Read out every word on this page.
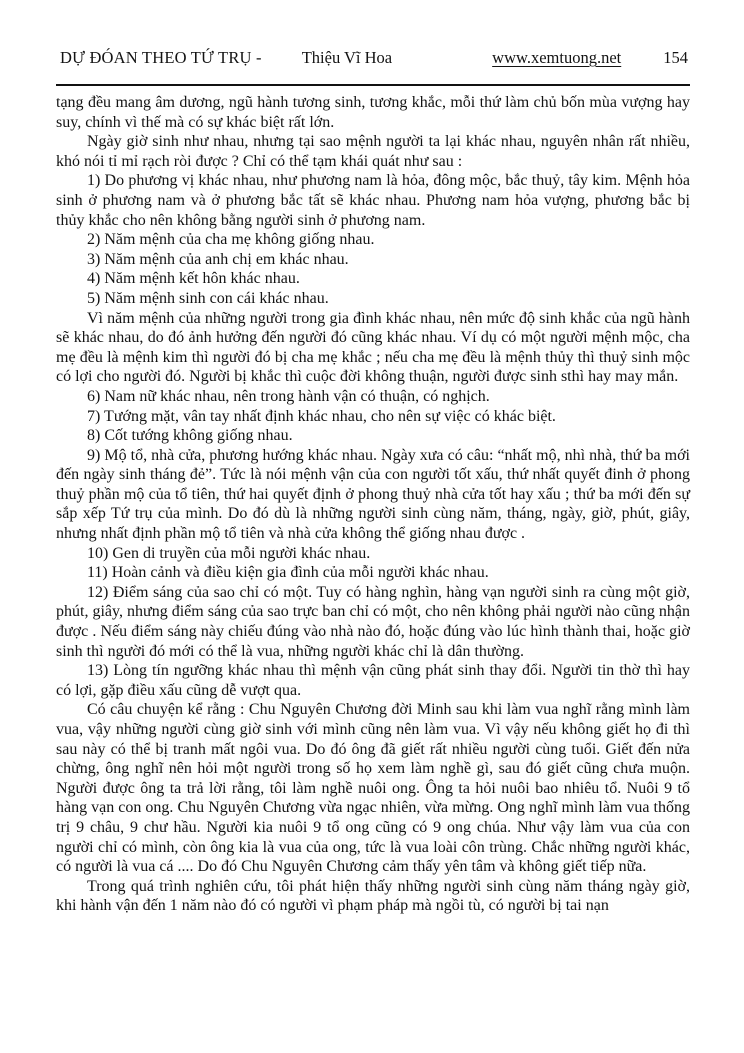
DỰ ĐÓAN THEO TỨ TRỤ - Thiệu Vĩ Hoa	www.xemtuong.net	154

tạng đều mang âm dương, ngũ hành tương sinh, tương khắc, mỗi thứ làm chủ bốn mùa vượng hay suy, chính vì thế mà có sự khác biệt rất lớn.

Ngày giờ sinh như nhau, nhưng tại sao mệnh người ta lại khác nhau, nguyên nhân rất nhiều, khó nói tỉ mỉ rạch ròi được ? Chỉ có thể tạm khái quát như sau :

1) Do phương vị khác nhau, như phương nam là hỏa, đông mộc, bắc thuỷ, tây kim. Mệnh hỏa sinh ở phương nam và ở phương bắc tất sẽ khác nhau. Phương nam hỏa vượng, phương bắc bị thủy khắc cho nên không bằng người sinh ở phương nam.

2) Năm mệnh của cha mẹ không giống nhau.

3) Năm mệnh của anh chị em khác nhau.

4) Năm mệnh kết hôn khác nhau.

5) Năm mệnh sinh con cái khác nhau.

Vì năm mệnh của những người trong gia đình khác nhau, nên mức độ sinh khắc của ngũ hành sẽ khác nhau, do đó ảnh hưởng đến người đó cũng khác nhau. Ví dụ có một người mệnh mộc, cha mẹ đều là mệnh kim thì người đó bị cha mẹ khắc ; nếu cha mẹ đều là mệnh thủy thì thuỷ sinh mộc có lợi cho người đó. Người bị khắc thì cuộc đời không thuận, người được sinh sthì hay may mắn.

6) Nam nữ khác nhau, nên trong hành vận có thuận, có nghịch.

7) Tướng mặt, vân tay nhất định khác nhau, cho nên sự việc có khác biệt.

8) Cốt tướng không giống nhau.

9) Mộ tổ, nhà cửa, phương hướng khác nhau. Ngày xưa có câu: “nhất mộ, nhì nhà, thứ ba mới đến ngày sinh tháng đẻ”. Tức là nói mệnh vận của con người tốt xấu, thứ nhất quyết đinh ở phong thuỷ phần mộ của tổ tiên, thứ hai quyết định ở phong thuỷ nhà cửa tốt hay xấu ; thứ ba mới đến sự sắp xếp Tứ trụ của mình. Do đó dù là những người sinh cùng năm, tháng, ngày, giờ, phút, giây, nhưng nhất định phần mộ tổ tiên và nhà cửa không thể giống nhau được .

10) Gen di truyền của mỗi người khác nhau.

11) Hoàn cảnh và điều kiện gia đình của mỗi người khác nhau.

12) Điểm sáng của sao chỉ có một. Tuy có hàng nghìn, hàng vạn người sinh ra cùng một giờ, phút, giây, nhưng điểm sáng của sao trực ban chỉ có một, cho nên không phải người nào cũng nhận được . Nếu điểm sáng này chiếu đúng vào nhà nào đó, hoặc đúng vào lúc hình thành thai, hoặc giờ sinh thì người đó mới có thể là vua, những người khác chỉ là dân thường.

13) Lòng tín ngưỡng khác nhau thì mệnh vận cũng phát sinh thay đổi. Người tin thờ thì hay có lợi, gặp điều xấu cũng dễ vượt qua.

Có câu chuyện kể rằng : Chu Nguyên Chương đời Minh sau khi làm vua nghĩ rằng mình làm vua, vậy những người cùng giờ sinh với mình cũng nên làm vua. Vì vậy nếu không giết họ đi thì sau này có thể bị tranh mất ngôi vua. Do đó ông đã giết rất nhiều người cùng tuổi. Giết đến nửa chừng, ông nghĩ nên hỏi một người trong số họ xem làm nghề gì, sau đó giết cũng chưa muộn. Người được ông ta trả lời rằng, tôi làm nghề nuôi ong. Ông ta hỏi nuôi bao nhiêu tổ. Nuôi 9 tổ hàng vạn con ong. Chu Nguyên Chương vừa ngạc nhiên, vừa mừng. Ong nghĩ mình làm vua thống trị 9 châu, 9 chư hầu. Người kia nuôi 9 tổ ong cũng có 9 ong chúa. Như vậy làm vua của con người chỉ có mình, còn ông kia là vua của ong, tức là vua loài côn trùng. Chắc những người khác, có người là vua cá .... Do đó Chu Nguyên Chương cảm thấy yên tâm và không giết tiếp nữa.

Trong quá trình nghiên cứu, tôi phát hiện thấy những người sinh cùng năm tháng ngày giờ, khi hành vận đến 1 năm nào đó có người vì phạm pháp mà ngồi tù, có người bị tai nạn
